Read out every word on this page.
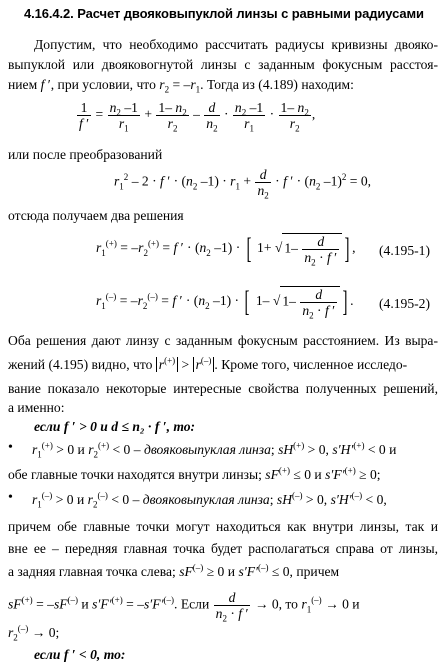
4.16.4.2. Расчет двояковыпуклой линзы с равными радиусами
Допустим, что необходимо рассчитать радиусы кривизны двояко-
выпуклой или двояковогнутой линзы с заданным фокусным расстоя-
нием f ′, при условии, что $r_2 = -r_1$. Тогда из (4.189) находим:
$\frac{1}{f '} = \frac{n_2 -1}{r_1} + \frac{1- n_2}{r_2} - \frac{d}{n_2} \cdot \frac{n_2 -1}{r_1} \cdot \frac{1- n_2}{r_2}$ ,
или после преобразований
$r_1^2 - 2 \cdot f$ ′ · ($n_2$ $-1) \cdot r_1 + \frac{d}{n_2} \cdot f$ ′ · ($n_2$ –1)$^2$ = 0,
отсюда получаем два решения
$r_1^{(+)} = -r_2^{(+)} = f$ ′ · ($n_2$ –1) · [ 1+ √ $1- \frac{d}{n_2 \cdot f '}$ ] , (4.195-1)
$r_1^{(-)} = -r_2^{(-)} = f$ ′ · ($n_2$ –1) · [ 1– √ $1- \frac{d}{n_2 \cdot f '}$ ] . (4.195-2)
Оба решения дают линзу с заданным фокусным расстоянием. Из выра-
жений (4.195) видно, что r(+) > r(–) . Кроме того, численное исследо-
вание показало некоторые интересные свойства полученных решений,
а именно:
если f ′ > 0 и d ≤ n₂ · f ′, то:
• $r_1^{(+)} > 0$ и $r_2^{(+)} < 0$ – двояковыпуклая линза; sH(+) > 0, s′H′(+) < 0 и
обе главные точки находятся внутри линзы; sF(+) ≤ 0 и s′F′(+) ≥ 0;
• $r_1^{(-)} > 0$ и $r_2^{(-)} < 0$ – двояковыпуклая линза; sH(–) > 0, s′H′(–) < 0,
причем обе главные точки могут находиться как внутри линзы, так и
вне ее – передняя главная точка будет располагаться справа от линзы,
а задняя главная точка слева; sF(–) ≥ 0 и s′F′(–) ≤ 0, причем
sF(+) = –sF(–) и s′F′(+) = –s′F′(–). Если $\frac{d}{n_2 \cdot f '} \to 0$, то $r_1^{(-)} \to 0$ и
$r_2^{(-)} \to 0$;
если f ′ < 0, то:
